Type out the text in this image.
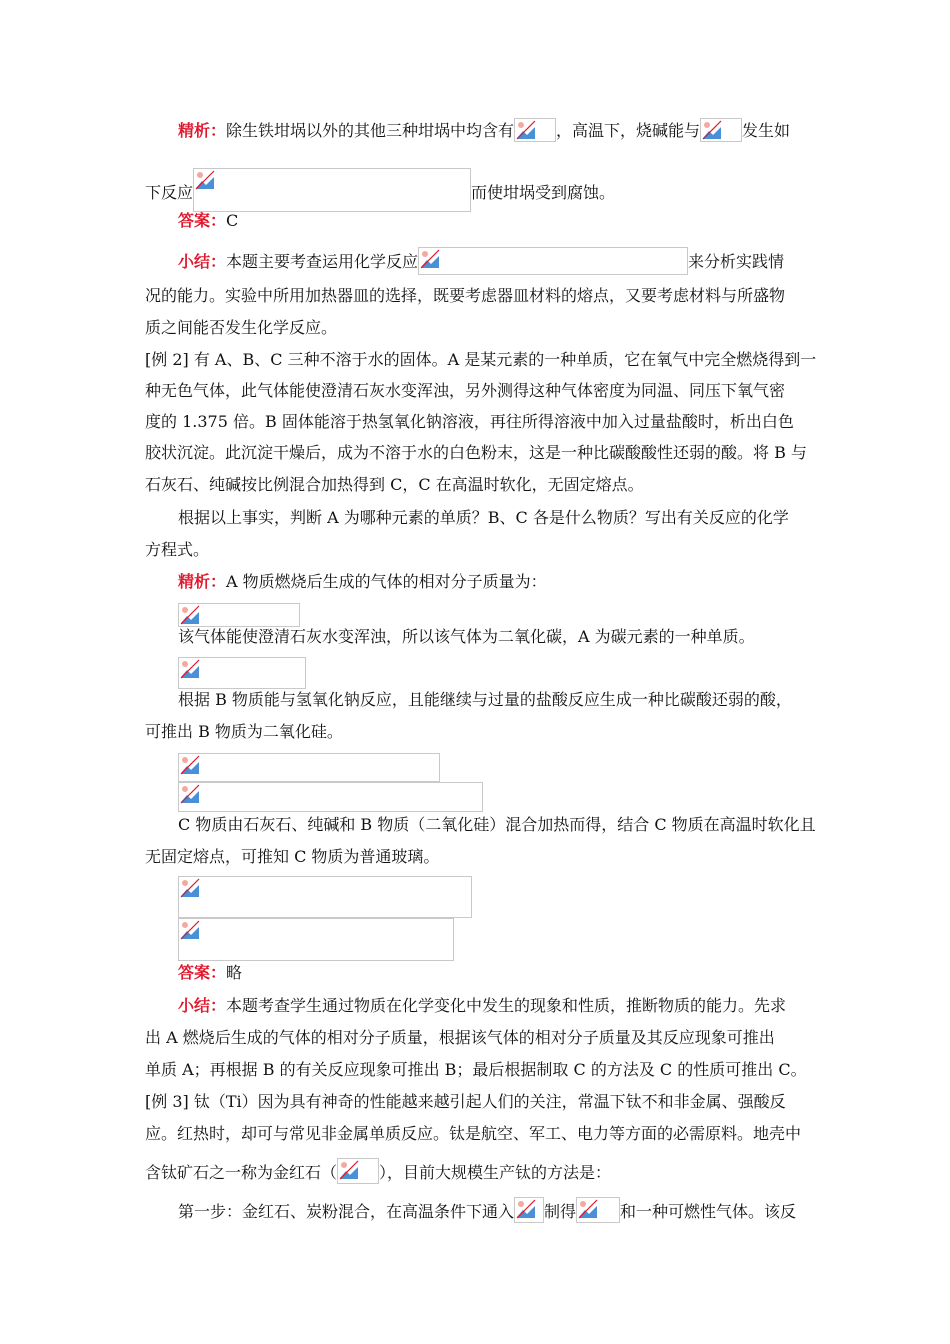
精析：除生铁坩埚以外的其他三种坩埚中均含有	，高温下，烧碱能与	发生如
下反应	而使坩埚受到腐蚀。
答案：C
小结：本题主要考查运用化学反应	来分析实践情
况的能力。实验中所用加热器皿的选择，既要考虑器皿材料的熔点，又要考虑材料与所盛物
质之间能否发生化学反应。
[例 2] 有 A、B、C 三种不溶于水的固体。A 是某元素的一种单质，它在氧气中完全燃烧得到一
种无色气体，此气体能使澄清石灰水变浑浊，另外测得这种气体密度为同温、同压下氧气密
度的 1.375 倍。B 固体能溶于热氢氧化钠溶液，再往所得溶液中加入过量盐酸时，析出白色
胶状沉淀。此沉淀干燥后，成为不溶于水的白色粉末，这是一种比碳酸酸性还弱的酸。将 B 与
石灰石、纯碱按比例混合加热得到 C，C 在高温时软化，无固定熔点。
根据以上事实，判断 A 为哪种元素的单质？B、C 各是什么物质？写出有关反应的化学
方程式。
精析：A 物质燃烧后生成的气体的相对分子质量为：
该气体能使澄清石灰水变浑浊，所以该气体为二氧化碳，A 为碳元素的一种单质。
根据 B 物质能与氢氧化钠反应，且能继续与过量的盐酸反应生成一种比碳酸还弱的酸，
可推出 B 物质为二氧化硅。
C 物质由石灰石、纯碱和 B 物质（二氧化硅）混合加热而得，结合 C 物质在高温时软化且
无固定熔点，可推知 C 物质为普通玻璃。
答案：略
小结：本题考查学生通过物质在化学变化中发生的现象和性质，推断物质的能力。先求
出 A 燃烧后生成的气体的相对分子质量，根据该气体的相对分子质量及其反应现象可推出
单质 A；再根据 B 的有关反应现象可推出 B；最后根据制取 C 的方法及 C 的性质可推出 C。
[例 3] 钛（Ti）因为具有神奇的性能越来越引起人们的关注，常温下钛不和非金属、强酸反
应。红热时，却可与常见非金属单质反应。钛是航空、军工、电力等方面的必需原料。地壳中
含钛矿石之一称为金红石（	），目前大规模生产钛的方法是：
第一步：金红石、炭粉混合，在高温条件下通入 制得	和一种可燃性气体。该反
